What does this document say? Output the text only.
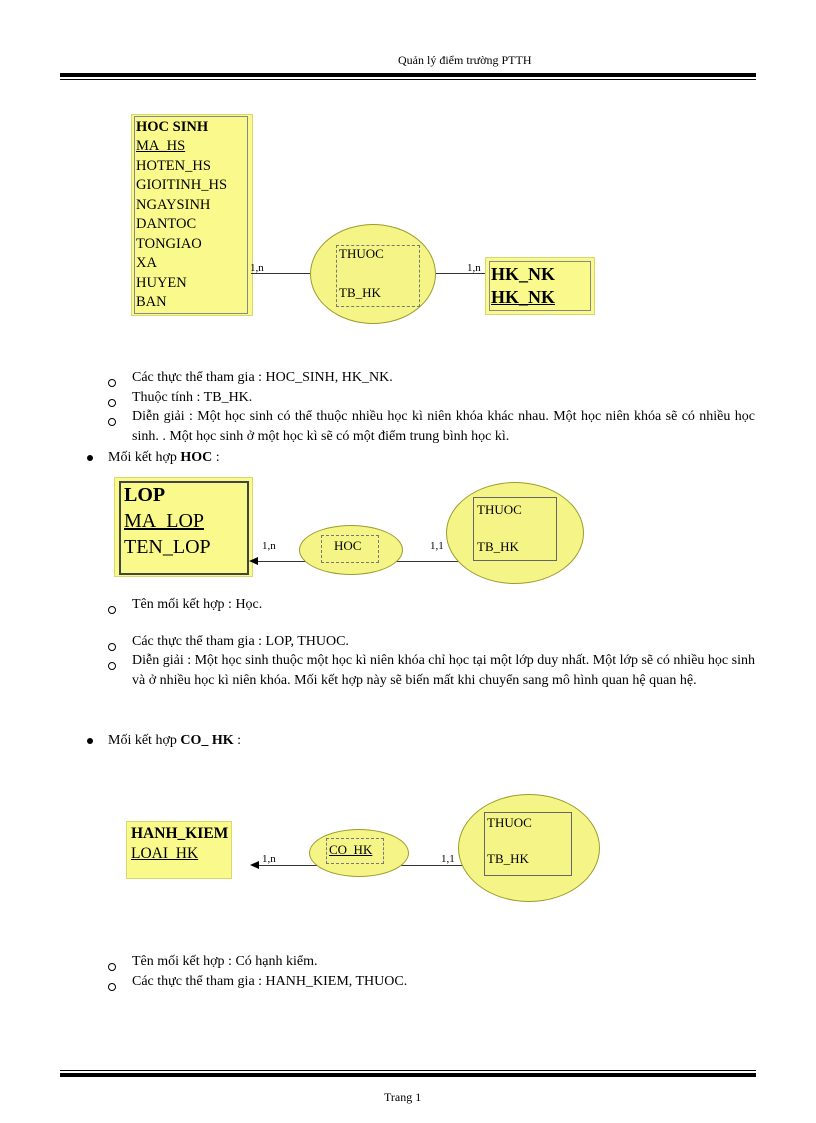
Quản lý điểm trường PTTH
HOC SINH
MA_HS
HOTEN_HS
GIOITINH_HS
NGAYSINH
DANTOC
TONGIAO
XA
HUYEN
BAN
1,n	1,n
THUOC
TB_HK
HK_NK
HK_NK
Các thực thể tham gia : HOC_SINH, HK_NK.
Thuộc tính : TB_HK.
Diễn giải : Một học sinh có thể thuộc nhiều học kì niên khóa khác nhau. Một học niên khóa sẽ có nhiều học sinh. . Một học sinh ở một học kì sẽ có một điểm trung bình học kì.
Mối kết hợp HOC :
LOP
MA_LOP
TEN_LOP	1,n	1,1
HOC
THUOC
TB_HK
Tên mối kết hợp : Học.
Các thực thể tham gia : LOP, THUOC.
Diễn giải : Một học sinh thuộc một học kì niên khóa chỉ học tại một lớp duy nhất. Một lớp sẽ có nhiều học sinh và ở nhiều học kì niên khóa. Mối kết hợp này sẽ biến mất khi chuyển sang mô hình quan hệ quan hệ.
Mối kết hợp CO_ HK :
HANH_KIEM
LOAI_HK	1,n	1,1
CO_HK
THUOC
TB_HK
Tên mối kết hợp : Có hạnh kiểm.
Các thực thể tham gia : HANH_KIEM, THUOC.
Trang 1
